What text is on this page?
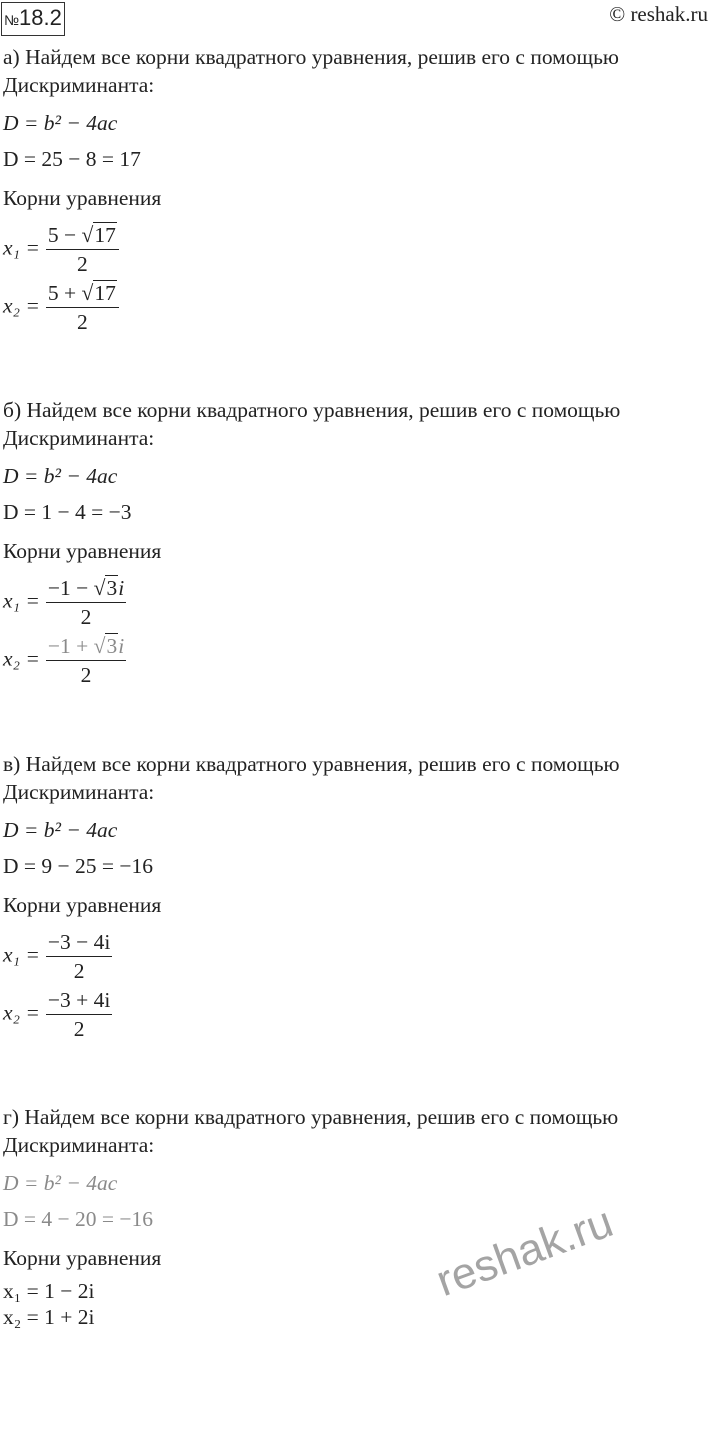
№18.2	© reshak.ru
а) Найдем все корни квадратного уравнения, решив его с помощью
Дискриминанта:
D = b² − 4ac
D = 25 − 8 = 17
Корни уравнения
$x_1 = \frac{5 - √17}{2}$
$x_2 = \frac{5 + √17}{2}$
б) Найдем все корни квадратного уравнения, решив его с помощью
Дискриминанта:
D = b² − 4ac
D = 1 − 4 = −3
Корни уравнения
$x_1 = \frac{-1 - √3i}{2}$
$x_2 = \frac{-1 + √3i}{2}$
в) Найдем все корни квадратного уравнения, решив его с помощью
Дискриминанта:
D = b² − 4ac
D = 9 − 25 = −16
Корни уравнения
$x_1 = \frac{-3 - 4i}{2}$
$x_2 = \frac{-3 + 4i}{2}$
г) Найдем все корни квадратного уравнения, решив его с помощью
Дискриминанта:
D = b² − 4ac
D = 4 − 20 = −16
Корни уравнения
x₁ = 1 − 2i
x₂ = 1 + 2i
reshak.ru
